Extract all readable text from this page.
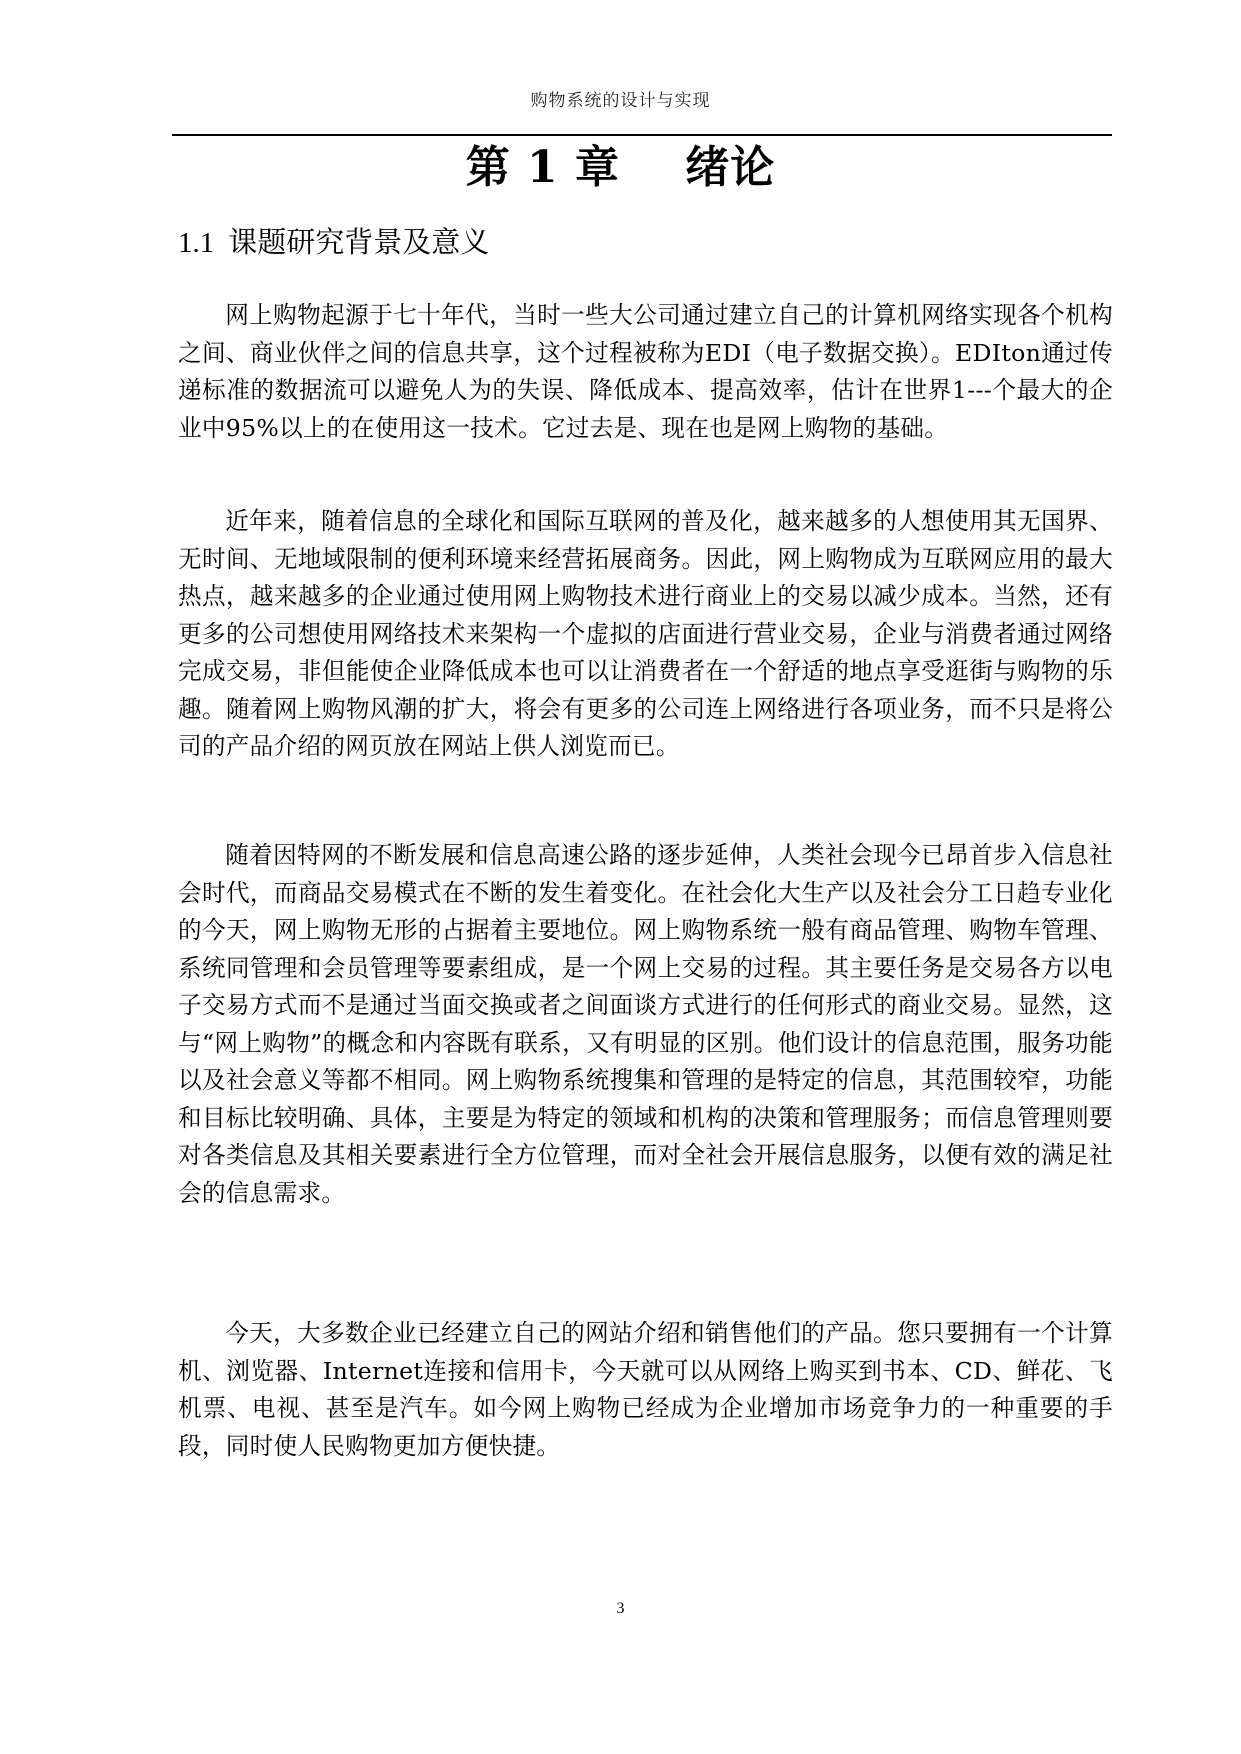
购物系统的设计与实现
第 1 章 绪论
1.1 课题研究背景及意义

网上购物起源于七十年代，当时一些大公司通过建立自己的计算机网络实现各个机构之间、商业伙伴之间的信息共享，这个过程被称为EDI（电子数据交换）。EDIton通过传递标准的数据流可以避免人为的失误、降低成本、提高效率，估计在世界1---个最大的企业中95%以上的在使用这一技术。它过去是、现在也是网上购物的基础。

近年来，随着信息的全球化和国际互联网的普及化，越来越多的人想使用其无国界、无时间、无地域限制的便利环境来经营拓展商务。因此，网上购物成为互联网应用的最大热点，越来越多的企业通过使用网上购物技术进行商业上的交易以减少成本。当然，还有更多的公司想使用网络技术来架构一个虚拟的店面进行营业交易，企业与消费者通过网络完成交易，非但能使企业降低成本也可以让消费者在一个舒适的地点享受逛街与购物的乐趣。随着网上购物风潮的扩大，将会有更多的公司连上网络进行各项业务，而不只是将公司的产品介绍的网页放在网站上供人浏览而已。

随着因特网的不断发展和信息高速公路的逐步延伸，人类社会现今已昂首步入信息社会时代，而商品交易模式在不断的发生着变化。在社会化大生产以及社会分工日趋专业化的今天，网上购物无形的占据着主要地位。网上购物系统一般有商品管理、购物车管理、系统同管理和会员管理等要素组成，是一个网上交易的过程。其主要任务是交易各方以电子交易方式而不是通过当面交换或者之间面谈方式进行的任何形式的商业交易。显然，这与“网上购物”的概念和内容既有联系，又有明显的区别。他们设计的信息范围，服务功能以及社会意义等都不相同。网上购物系统搜集和管理的是特定的信息，其范围较窄，功能和目标比较明确、具体，主要是为特定的领域和机构的决策和管理服务；而信息管理则要对各类信息及其相关要素进行全方位管理，而对全社会开展信息服务，以便有效的满足社会的信息需求。

今天，大多数企业已经建立自己的网站介绍和销售他们的产品。您只要拥有一个计算机、浏览器、Internet连接和信用卡，今天就可以从网络上购买到书本、CD、鲜花、飞机票、电视、甚至是汽车。如今网上购物已经成为企业增加市场竞争力的一种重要的手段，同时使人民购物更加方便快捷。

3
